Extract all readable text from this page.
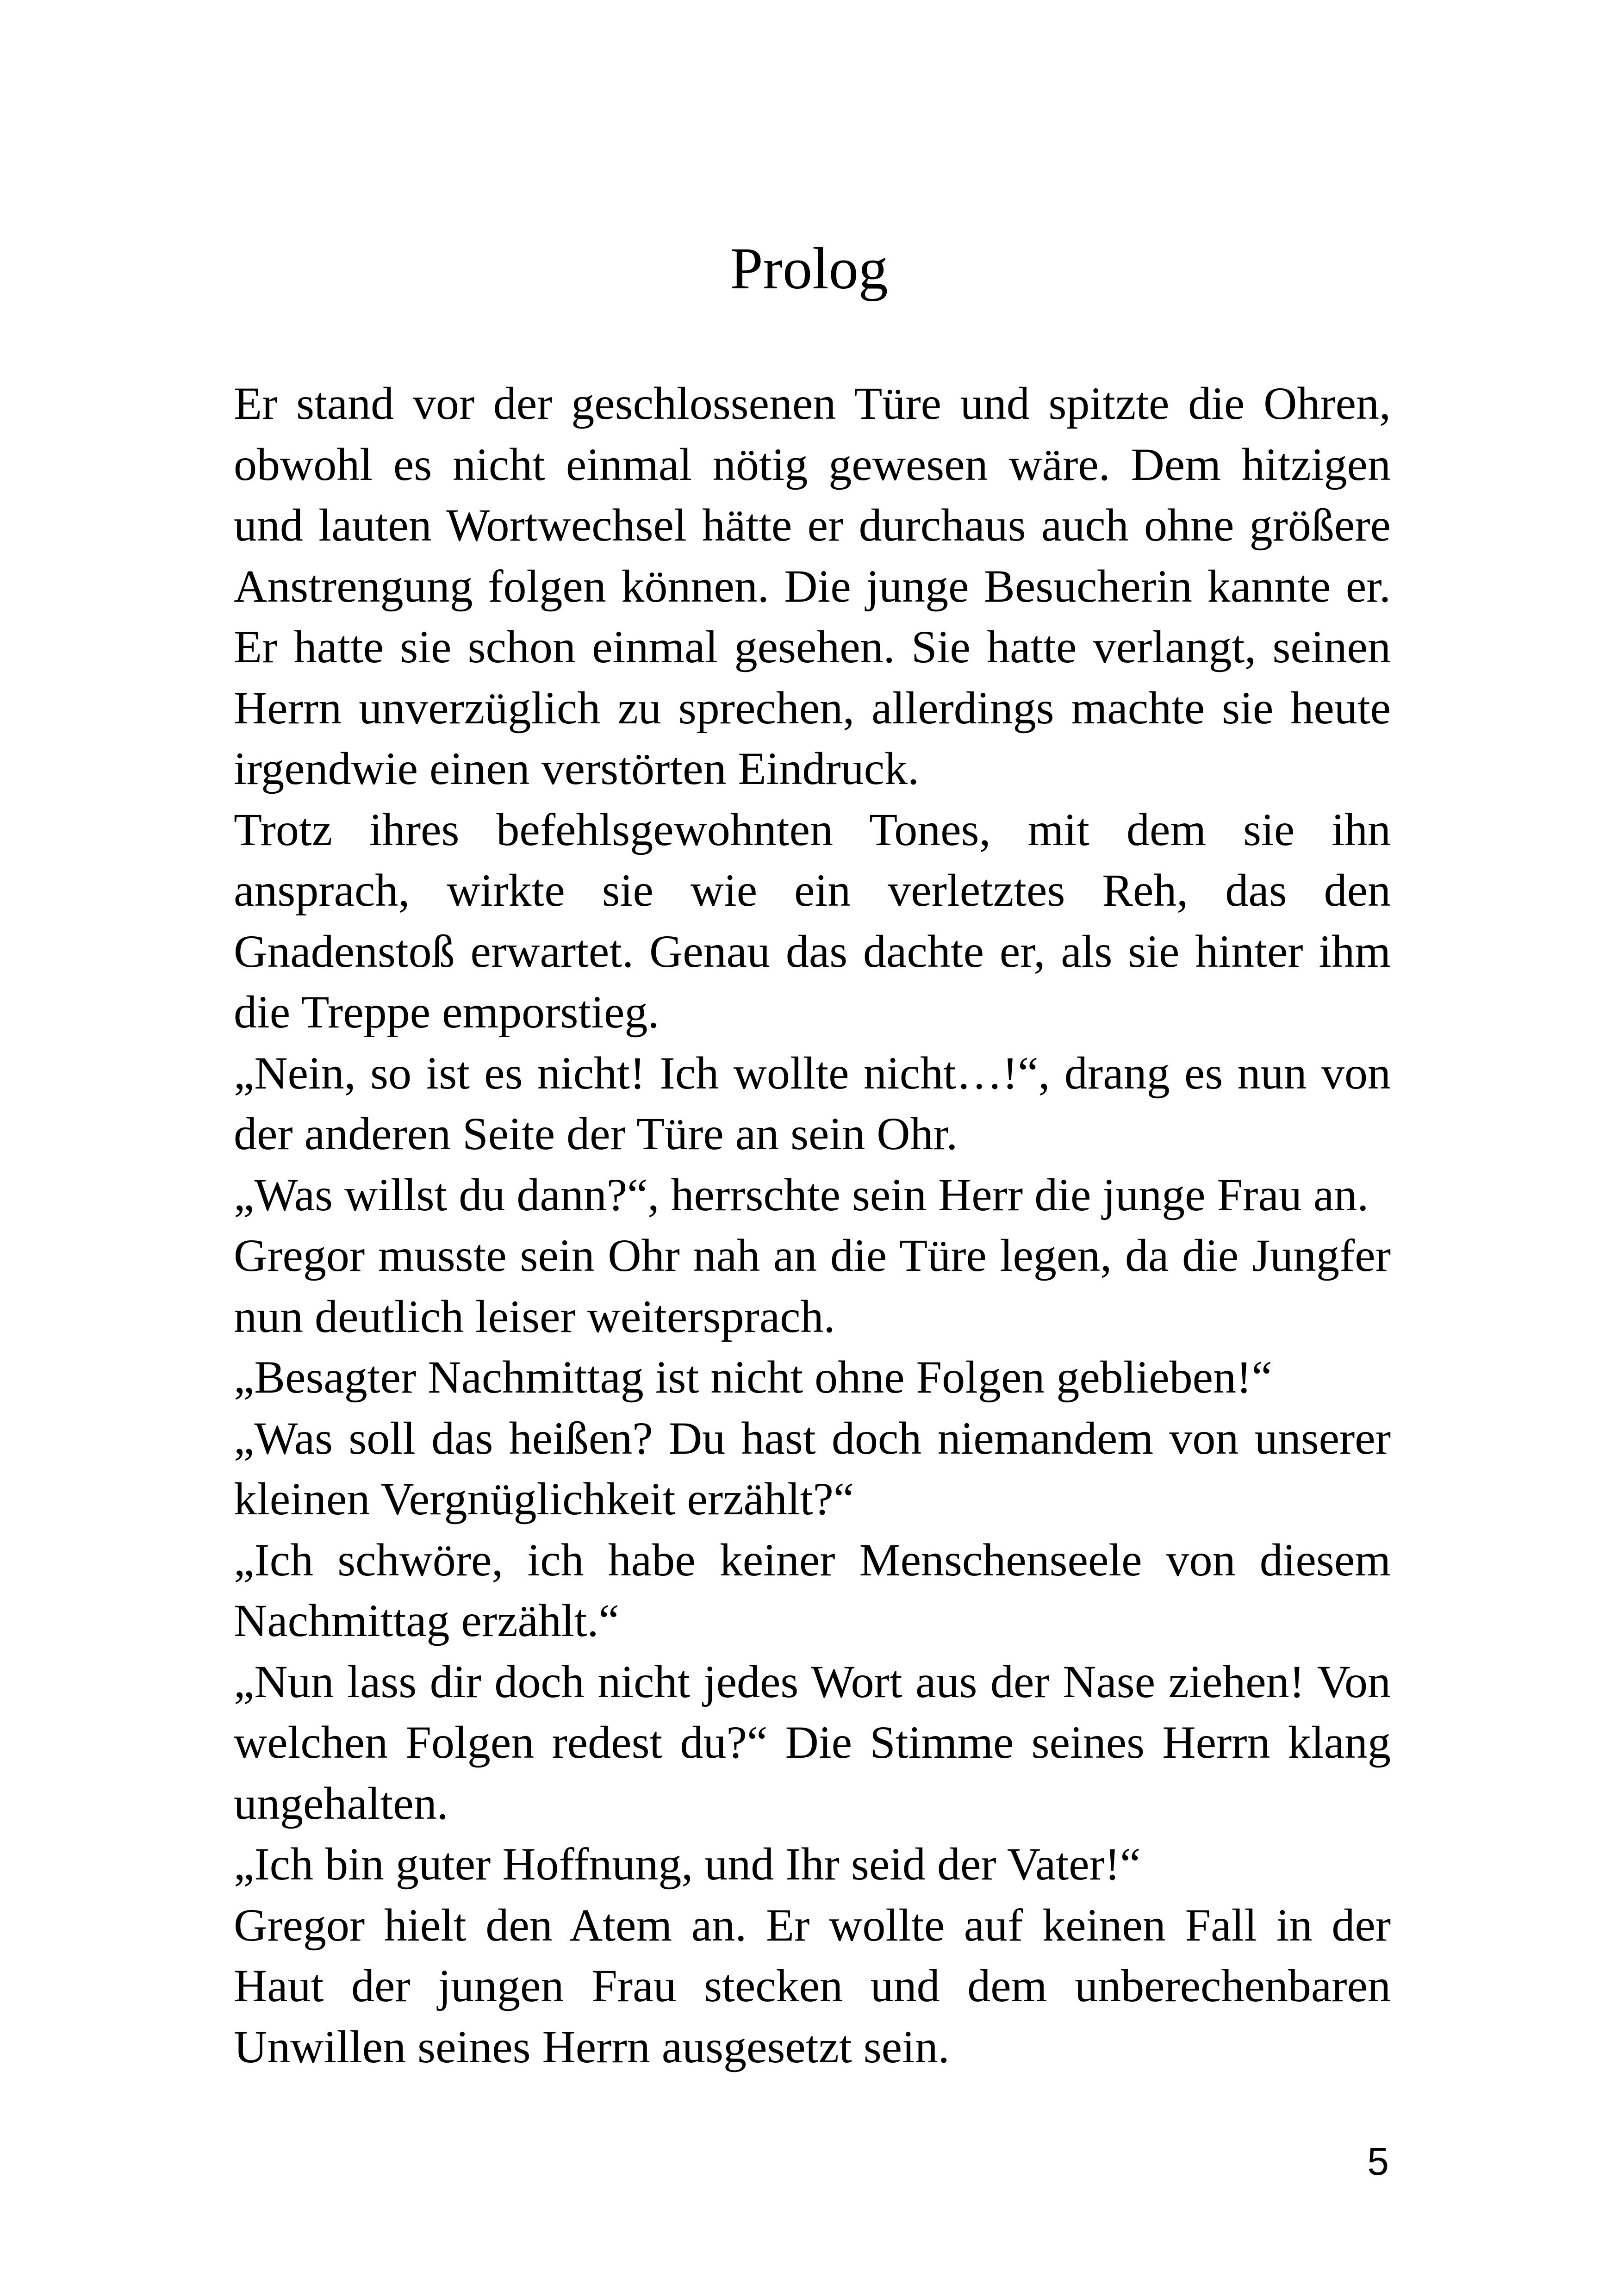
Prolog

Er stand vor der geschlossenen Türe und spitzte die Ohren, obwohl es nicht einmal nötig gewesen wäre. Dem hitzigen und lauten Wortwechsel hätte er durchaus auch ohne größere Anstrengung folgen können. Die junge Besucherin kannte er. Er hatte sie schon einmal gesehen. Sie hatte verlangt, seinen Herrn unverzüglich zu sprechen, allerdings machte sie heute irgendwie einen verstörten Eindruck.

Trotz ihres befehlsgewohnten Tones, mit dem sie ihn ansprach, wirkte sie wie ein verletztes Reh, das den Gnadenstoß erwartet. Genau das dachte er, als sie hinter ihm die Treppe emporstieg.

„Nein, so ist es nicht! Ich wollte nicht…!“, drang es nun von der anderen Seite der Türe an sein Ohr.

„Was willst du dann?“, herrschte sein Herr die junge Frau an.

Gregor musste sein Ohr nah an die Türe legen, da die Jungfer nun deutlich leiser weitersprach.

„Besagter Nachmittag ist nicht ohne Folgen geblieben!“

„Was soll das heißen? Du hast doch niemandem von unserer kleinen Vergnüglichkeit erzählt?“

„Ich schwöre, ich habe keiner Menschenseele von diesem Nachmittag erzählt.“

„Nun lass dir doch nicht jedes Wort aus der Nase ziehen! Von welchen Folgen redest du?“ Die Stimme seines Herrn klang ungehalten.

„Ich bin guter Hoffnung, und Ihr seid der Vater!“

Gregor hielt den Atem an. Er wollte auf keinen Fall in der Haut der jungen Frau stecken und dem unberechenbaren Unwillen seines Herrn ausgesetzt sein.

5
